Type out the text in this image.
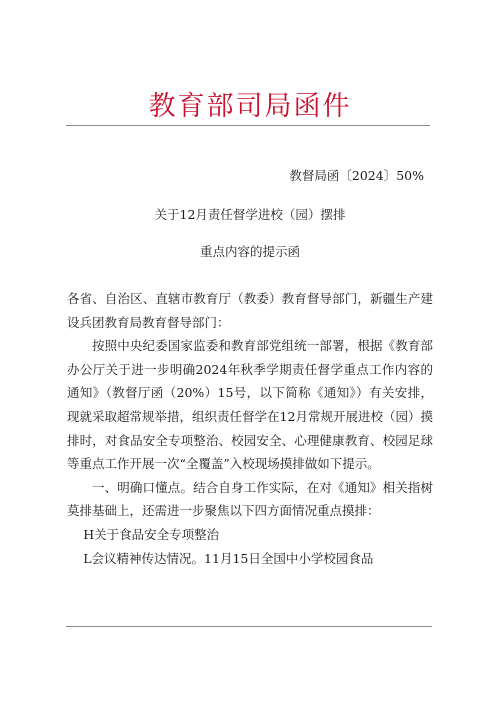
教育部司局函件
教督局函〔2024〕50%
关于12月责任督学进校（园）摆排
重点内容的提示函

各省、自治区、直辖市教育厅（教委）教育督导部门，新疆生产建设兵团教育局教育督导部门：

按照中央纪委国家监委和教育部党组统一部署，根据《教育部办公厅关于进一步明确2024年秋季学期责任督学重点工作内容的通知》（教督厅函（20%）15号，以下简称《通知》）有关安排，现就采取超常规举措，组织责任督学在12月常规开展进校（园）摸排时，对食品安全专项整治、校园安全、心理健康教育、校园足球等重点工作开展一次“全覆盖”入校现场摸排做如下提示。

一、明确口懂点。结合自身工作实际，在对《通知》相关指树莫排基础上，还需进一步聚焦以下四方面情况重点摸排：

H关于食品安全专项整治

L会议精神传达情况。11月15日全国中小学校园食品
